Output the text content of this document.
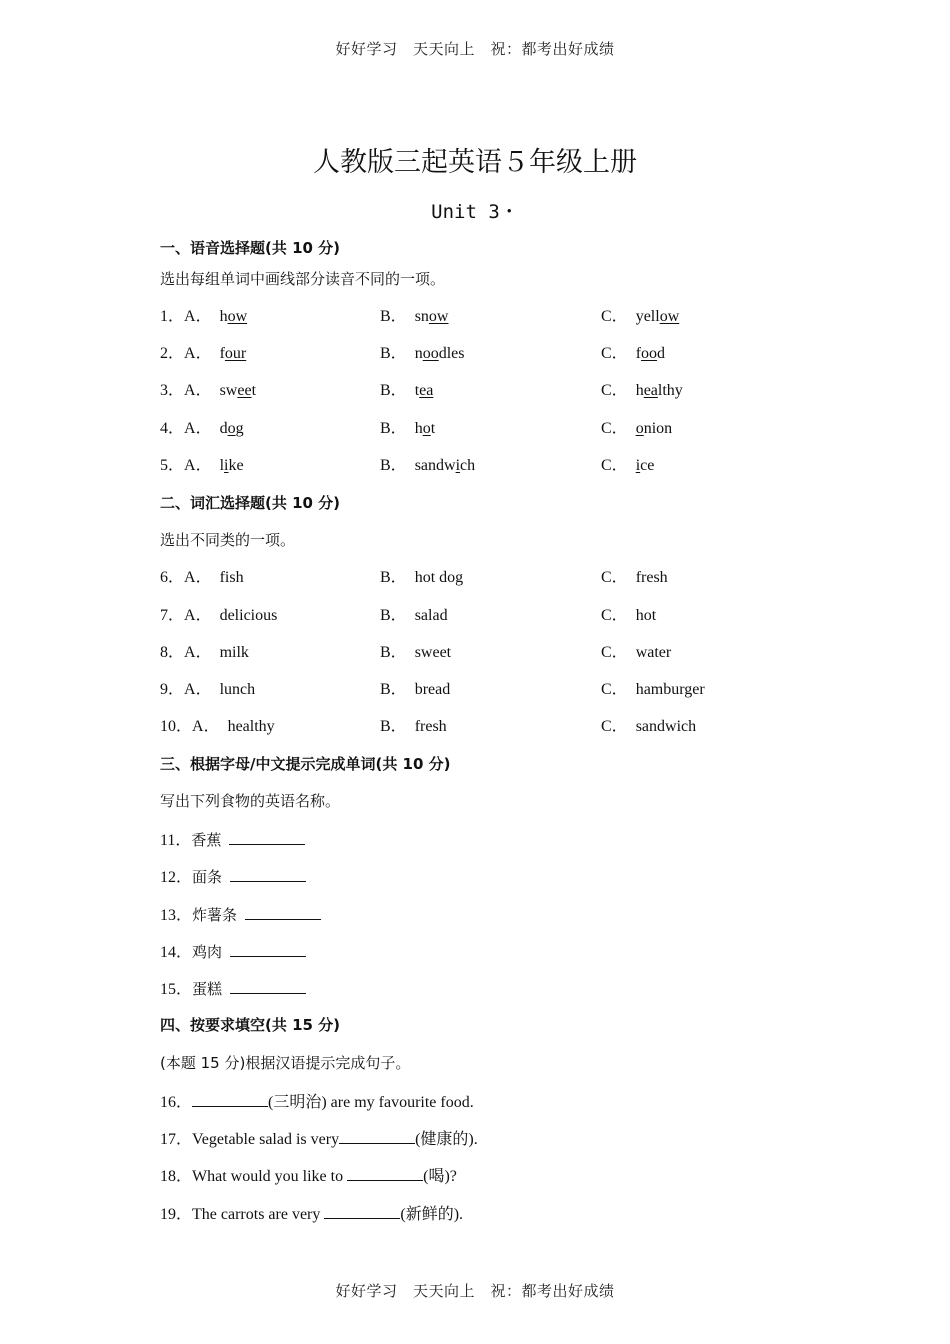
好好学习　天天向上　祝：都考出好成绩
人教版三起英语５年级上册
Unit 3・
一、语音选择题(共 10 分)
选出每组单词中画线部分读音不同的一项。
1．A．  how	B．  snow	C．  yellow
2．A．  four	B．  noodles	C．  food
3．A．  sweet	B．  tea	C．  healthy
4．A．  dog	B．  hot	C．  onion
5．A．  like	B．  sandwich	C．  ice
二、词汇选择题(共 10 分)
选出不同类的一项。
6．A．  fish	B．  hot dog	C．  fresh
7．A．  delicious	B．  salad	C．  hot
8．A．  milk	B．  sweet	C．  water
9．A．  lunch	B．  bread	C．  hamburger
10．A．  healthy	B．  fresh	C．  sandwich
三、根据字母/中文提示完成单词(共 10 分)
写出下列食物的英语名称。
11．香蕉 
12．面条 
13．炸薯条 
14．鸡肉 
15．蛋糕 
四、按要求填空(共 15 分)
(本题 15 分)根据汉语提示完成句子。
16．	(三明治) are my favourite food.
17．Vegetable salad is very	(健康的).
18．What would you like to	(喝)?
19．The carrots are very	(新鲜的).
好好学习　天天向上　祝：都考出好成绩
